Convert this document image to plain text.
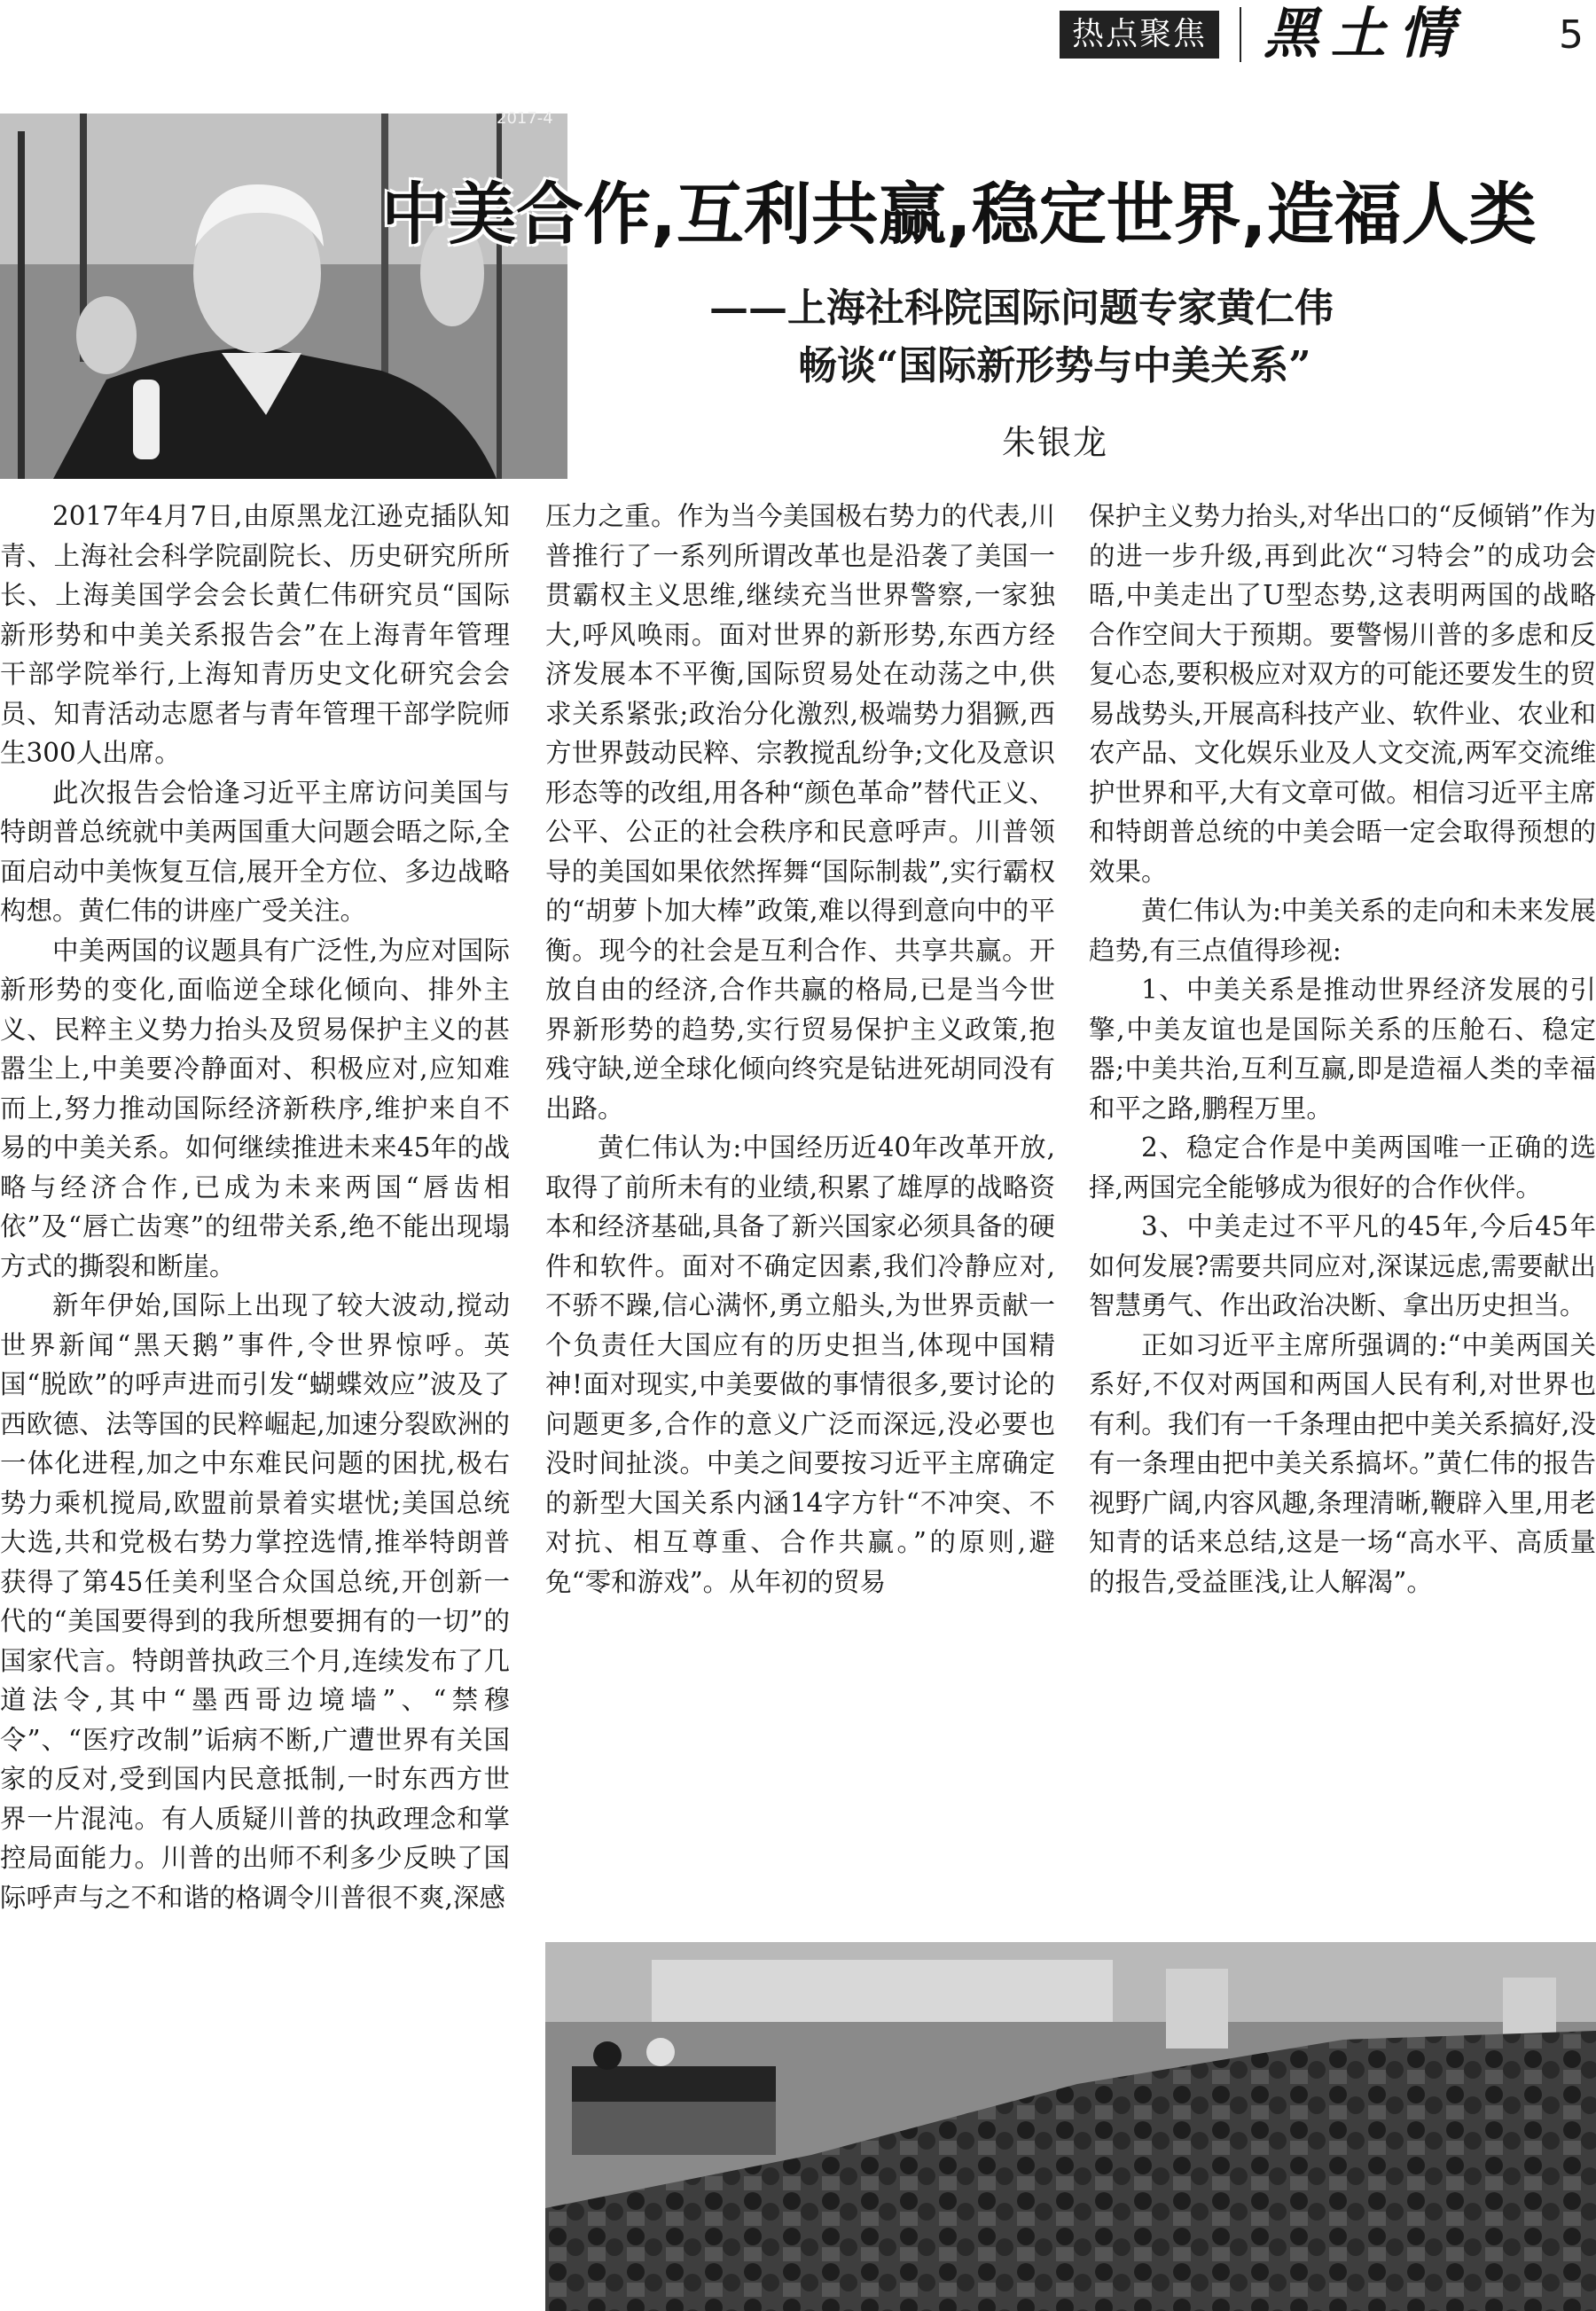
热点聚焦 黑土情 5
2017-4
中美合作,互利共赢,稳定世界,造福人类
——上海社科院国际问题专家黄仁伟
畅谈“国际新形势与中美关系”
朱银龙

2017年4月7日,由原黑龙江逊克插队知青、上海社会科学院副院长、历史研究所所长、上海美国学会会长黄仁伟研究员“国际新形势和中美关系报告会”在上海青年管理干部学院举行,上海知青历史文化研究会会员、知青活动志愿者与青年管理干部学院师生300人出席。

此次报告会恰逢习近平主席访问美国与特朗普总统就中美两国重大问题会晤之际,全面启动中美恢复互信,展开全方位、多边战略构想。黄仁伟的讲座广受关注。

中美两国的议题具有广泛性,为应对国际新形势的变化,面临逆全球化倾向、排外主义、民粹主义势力抬头及贸易保护主义的甚嚣尘上,中美要冷静面对、积极应对,应知难而上,努力推动国际经济新秩序,维护来自不易的中美关系。如何继续推进未来45年的战略与经济合作,已成为未来两国“唇齿相依”及“唇亡齿寒”的纽带关系,绝不能出现塌方式的撕裂和断崖。

新年伊始,国际上出现了较大波动,搅动世界新闻“黑天鹅”事件,令世界惊呼。英国“脱欧”的呼声进而引发“蝴蝶效应”波及了西欧德、法等国的民粹崛起,加速分裂欧洲的一体化进程,加之中东难民问题的困扰,极右势力乘机搅局,欧盟前景着实堪忧;美国总统大选,共和党极右势力掌控选情,推举特朗普获得了第45任美利坚合众国总统,开创新一代的“美国要得到的我所想要拥有的一切”的国家代言。特朗普执政三个月,连续发布了几道法令,其中“墨西哥边境墙”、“禁穆令”、“医疗改制”诟病不断,广遭世界有关国家的反对,受到国内民意抵制,一时东西方世界一片混沌。有人质疑川普的执政理念和掌控局面能力。川普的出师不利多少反映了国际呼声与之不和谐的格调令川普很不爽,深感

压力之重。作为当今美国极右势力的代表,川普推行了一系列所谓改革也是沿袭了美国一贯霸权主义思维,继续充当世界警察,一家独大,呼风唤雨。面对世界的新形势,东西方经济发展本不平衡,国际贸易处在动荡之中,供求关系紧张;政治分化激烈,极端势力猖獗,西方世界鼓动民粹、宗教搅乱纷争;文化及意识形态等的改组,用各种“颜色革命”替代正义、公平、公正的社会秩序和民意呼声。川普领导的美国如果依然挥舞“国际制裁”,实行霸权的“胡萝卜加大棒”政策,难以得到意向中的平衡。现今的社会是互利合作、共享共赢。开放自由的经济,合作共赢的格局,已是当今世界新形势的趋势,实行贸易保护主义政策,抱残守缺,逆全球化倾向终究是钻进死胡同没有出路。

黄仁伟认为:中国经历近40年改革开放,取得了前所未有的业绩,积累了雄厚的战略资本和经济基础,具备了新兴国家必须具备的硬件和软件。面对不确定因素,我们冷静应对,不骄不躁,信心满怀,勇立船头,为世界贡献一个负责任大国应有的历史担当,体现中国精神!面对现实,中美要做的事情很多,要讨论的问题更多,合作的意义广泛而深远,没必要也没时间扯淡。中美之间要按习近平主席确定的新型大国关系内涵14字方针“不冲突、不对抗、相互尊重、合作共赢。”的原则,避免“零和游戏”。从年初的贸易

保护主义势力抬头,对华出口的“反倾销”作为的进一步升级,再到此次“习特会”的成功会晤,中美走出了U型态势,这表明两国的战略合作空间大于预期。要警惕川普的多虑和反复心态,要积极应对双方的可能还要发生的贸易战势头,开展高科技产业、软件业、农业和农产品、文化娱乐业及人文交流,两军交流维护世界和平,大有文章可做。相信习近平主席和特朗普总统的中美会晤一定会取得预想的效果。

黄仁伟认为:中美关系的走向和未来发展趋势,有三点值得珍视:

1、中美关系是推动世界经济发展的引擎,中美友谊也是国际关系的压舱石、稳定器;中美共治,互利互赢,即是造福人类的幸福和平之路,鹏程万里。

2、稳定合作是中美两国唯一正确的选择,两国完全能够成为很好的合作伙伴。

3、中美走过不平凡的45年,今后45年如何发展?需要共同应对,深谋远虑,需要献出智慧勇气、作出政治决断、拿出历史担当。

正如习近平主席所强调的:“中美两国关系好,不仅对两国和两国人民有利,对世界也有利。我们有一千条理由把中美关系搞好,没有一条理由把中美关系搞坏。”黄仁伟的报告视野广阔,内容风趣,条理清晰,鞭辟入里,用老知青的话来总结,这是一场“高水平、高质量的报告,受益匪浅,让人解渴”。
